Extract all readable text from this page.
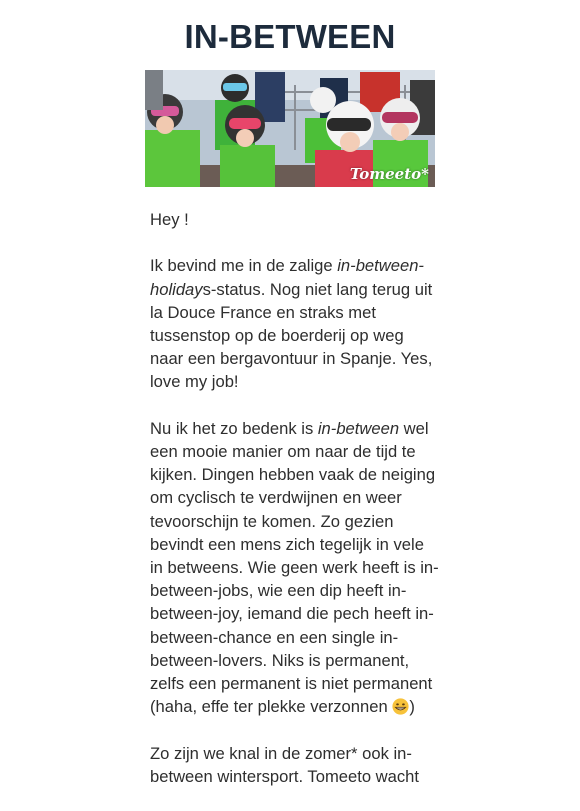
IN-BETWEEN
Tomeeto*

Hey !

Ik bevind me in de zalige in-between-holidays-status. Nog niet lang terug uit la Douce France en straks met tussenstop op de boerderij op weg naar een bergavontuur in Spanje. Yes, love my job!

Nu ik het zo bedenk is in-between wel een mooie manier om naar de tijd te kijken. Dingen hebben vaak de neiging om cyclisch te verdwijnen en weer tevoorschijn te komen. Zo gezien bevindt een mens zich tegelijk in vele in betweens. Wie geen werk heeft is in-between-jobs, wie een dip heeft in-between-joy, iemand die pech heeft in-between-chance en een single in-between-lovers. Niks is permanent, zelfs een permanent is niet permanent (haha, effe ter plekke verzonnen )

Zo zijn we knal in de zomer* ook in-between wintersport. Tomeeto wacht
